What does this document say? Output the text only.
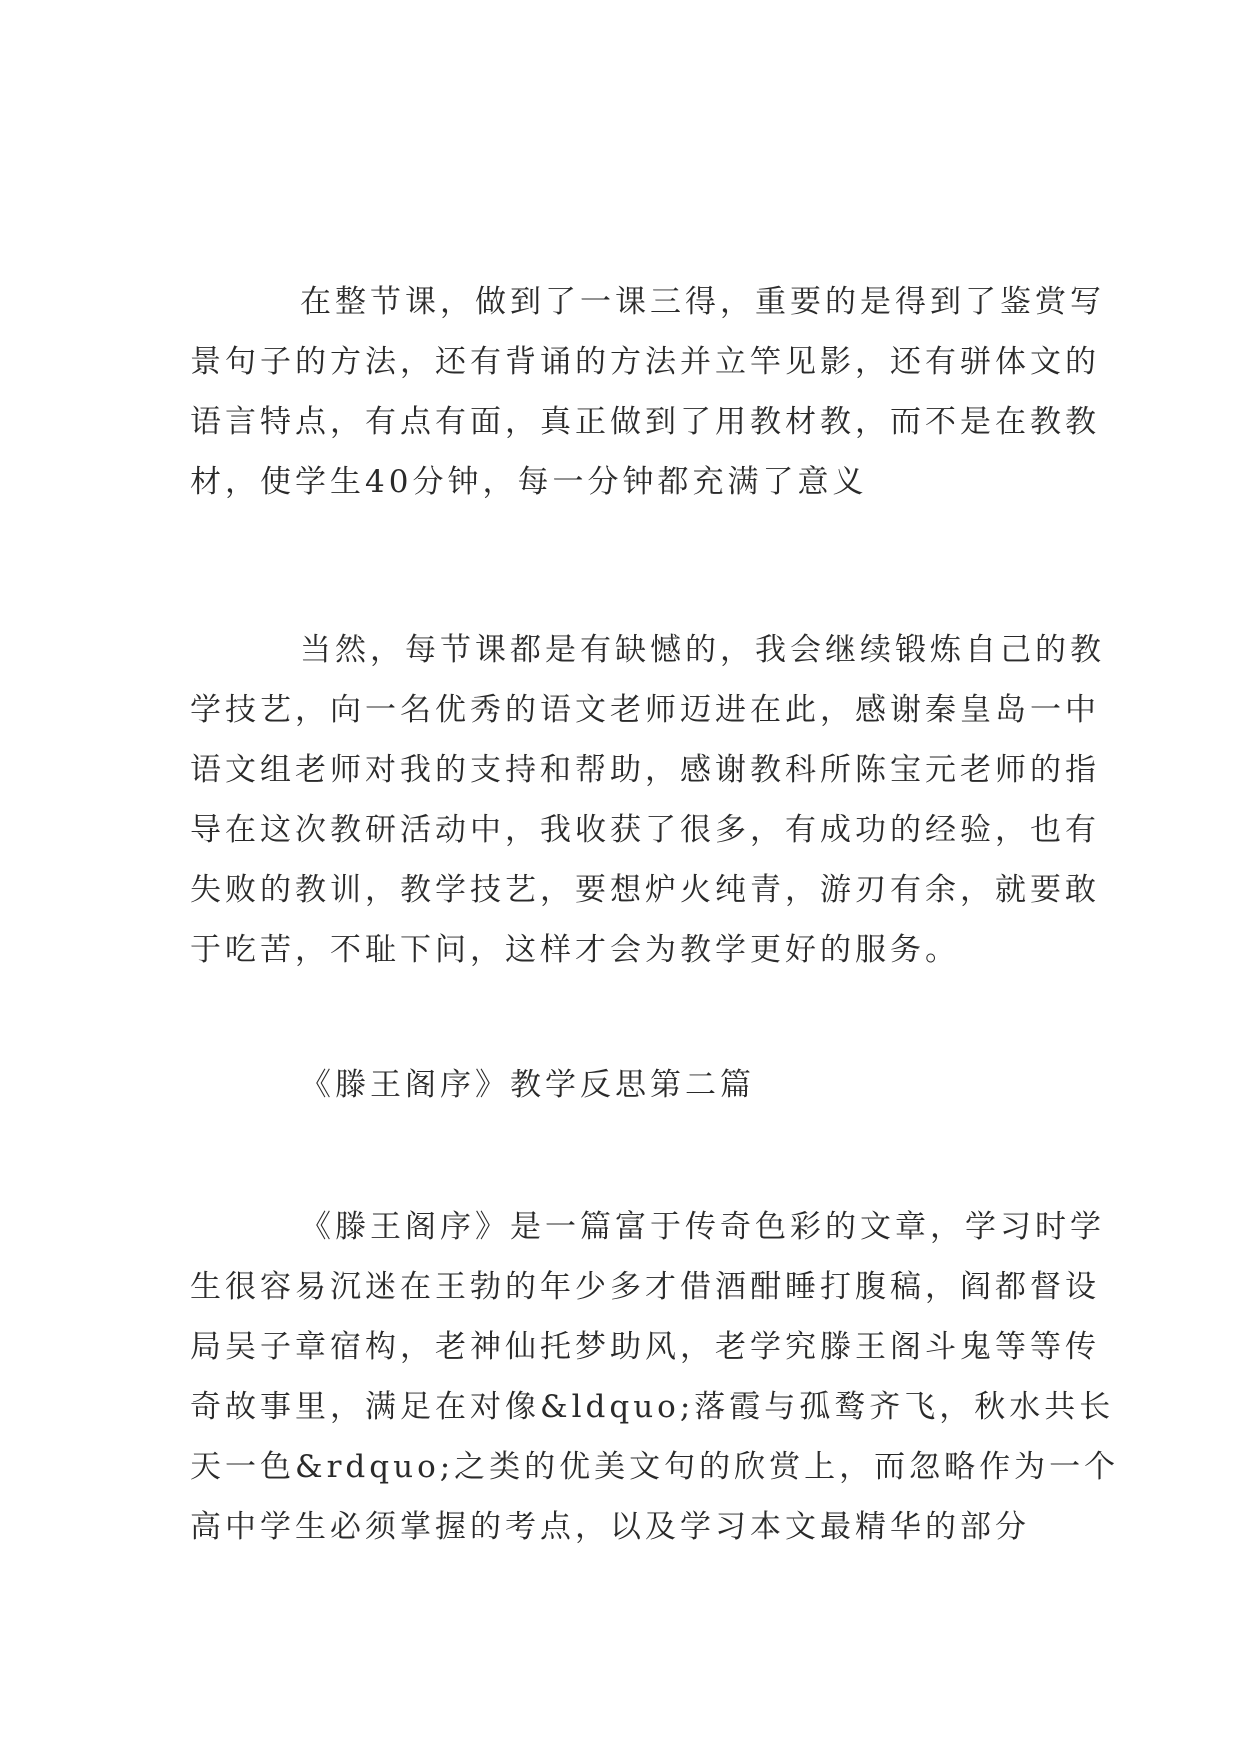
在整节课，做到了一课三得，重要的是得到了鉴赏写
景句子的方法，还有背诵的方法并立竿见影，还有骈体文的
语言特点，有点有面，真正做到了用教材教，而不是在教教
材，使学生40分钟，每一分钟都充满了意义
当然，每节课都是有缺憾的，我会继续锻炼自己的教
学技艺，向一名优秀的语文老师迈进在此，感谢秦皇岛一中
语文组老师对我的支持和帮助，感谢教科所陈宝元老师的指
导在这次教研活动中，我收获了很多，有成功的经验，也有
失败的教训，教学技艺，要想炉火纯青，游刃有余，就要敢
于吃苦，不耻下问，这样才会为教学更好的服务。
《滕王阁序》教学反思第二篇
《滕王阁序》是一篇富于传奇色彩的文章，学习时学
生很容易沉迷在王勃的年少多才借酒酣睡打腹稿，阎都督设
局吴子章宿构，老神仙托梦助风，老学究滕王阁斗鬼等等传
奇故事里，满足在对像&ldquo;落霞与孤鹜齐飞，秋水共长
天一色&rdquo;之类的优美文句的欣赏上，而忽略作为一个
高中学生必须掌握的考点，以及学习本文最精华的部分
